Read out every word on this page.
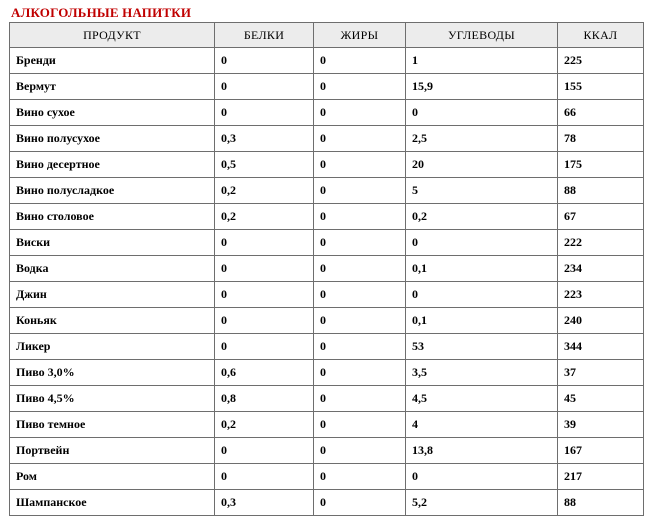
АЛКОГОЛЬНЫЕ НАПИТКИ
ПРОДУКТ	БЕЛКИ	ЖИРЫ	УГЛЕВОДЫ	ККАЛ
Бренди	0	0	1	225
Вермут	0	0	15,9	155
Вино сухое	0	0	0	66
Вино полусухое	0,3	0	2,5	78
Вино десертное	0,5	0	20	175
Вино полусладкое	0,2	0	5	88
Вино столовое	0,2	0	0,2	67
Виски	0	0	0	222
Водка	0	0	0,1	234
Джин	0	0	0	223
Коньяк	0	0	0,1	240
Ликер	0	0	53	344
Пиво 3,0%	0,6	0	3,5	37
Пиво 4,5%	0,8	0	4,5	45
Пиво темное	0,2	0	4	39
Портвейн	0	0	13,8	167
Ром	0	0	0	217
Шампанское	0,3	0	5,2	88
